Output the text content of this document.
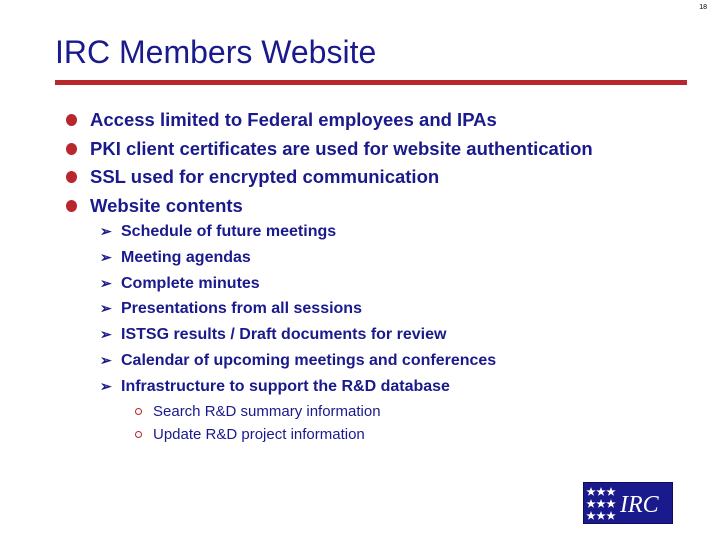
18
IRC Members Website
Access limited to Federal employees and IPAs
PKI client certificates are used for website authentication
SSL used for encrypted communication
Website contents
➢ Schedule of future meetings
➢ Meeting agendas
➢ Complete minutes
➢ Presentations from all sessions
➢ ISTSG results / Draft documents for review
➢ Calendar of upcoming meetings and conferences
➢ Infrastructure to support the R&D database
Search R&D summary information
Update R&D project information
IRC
